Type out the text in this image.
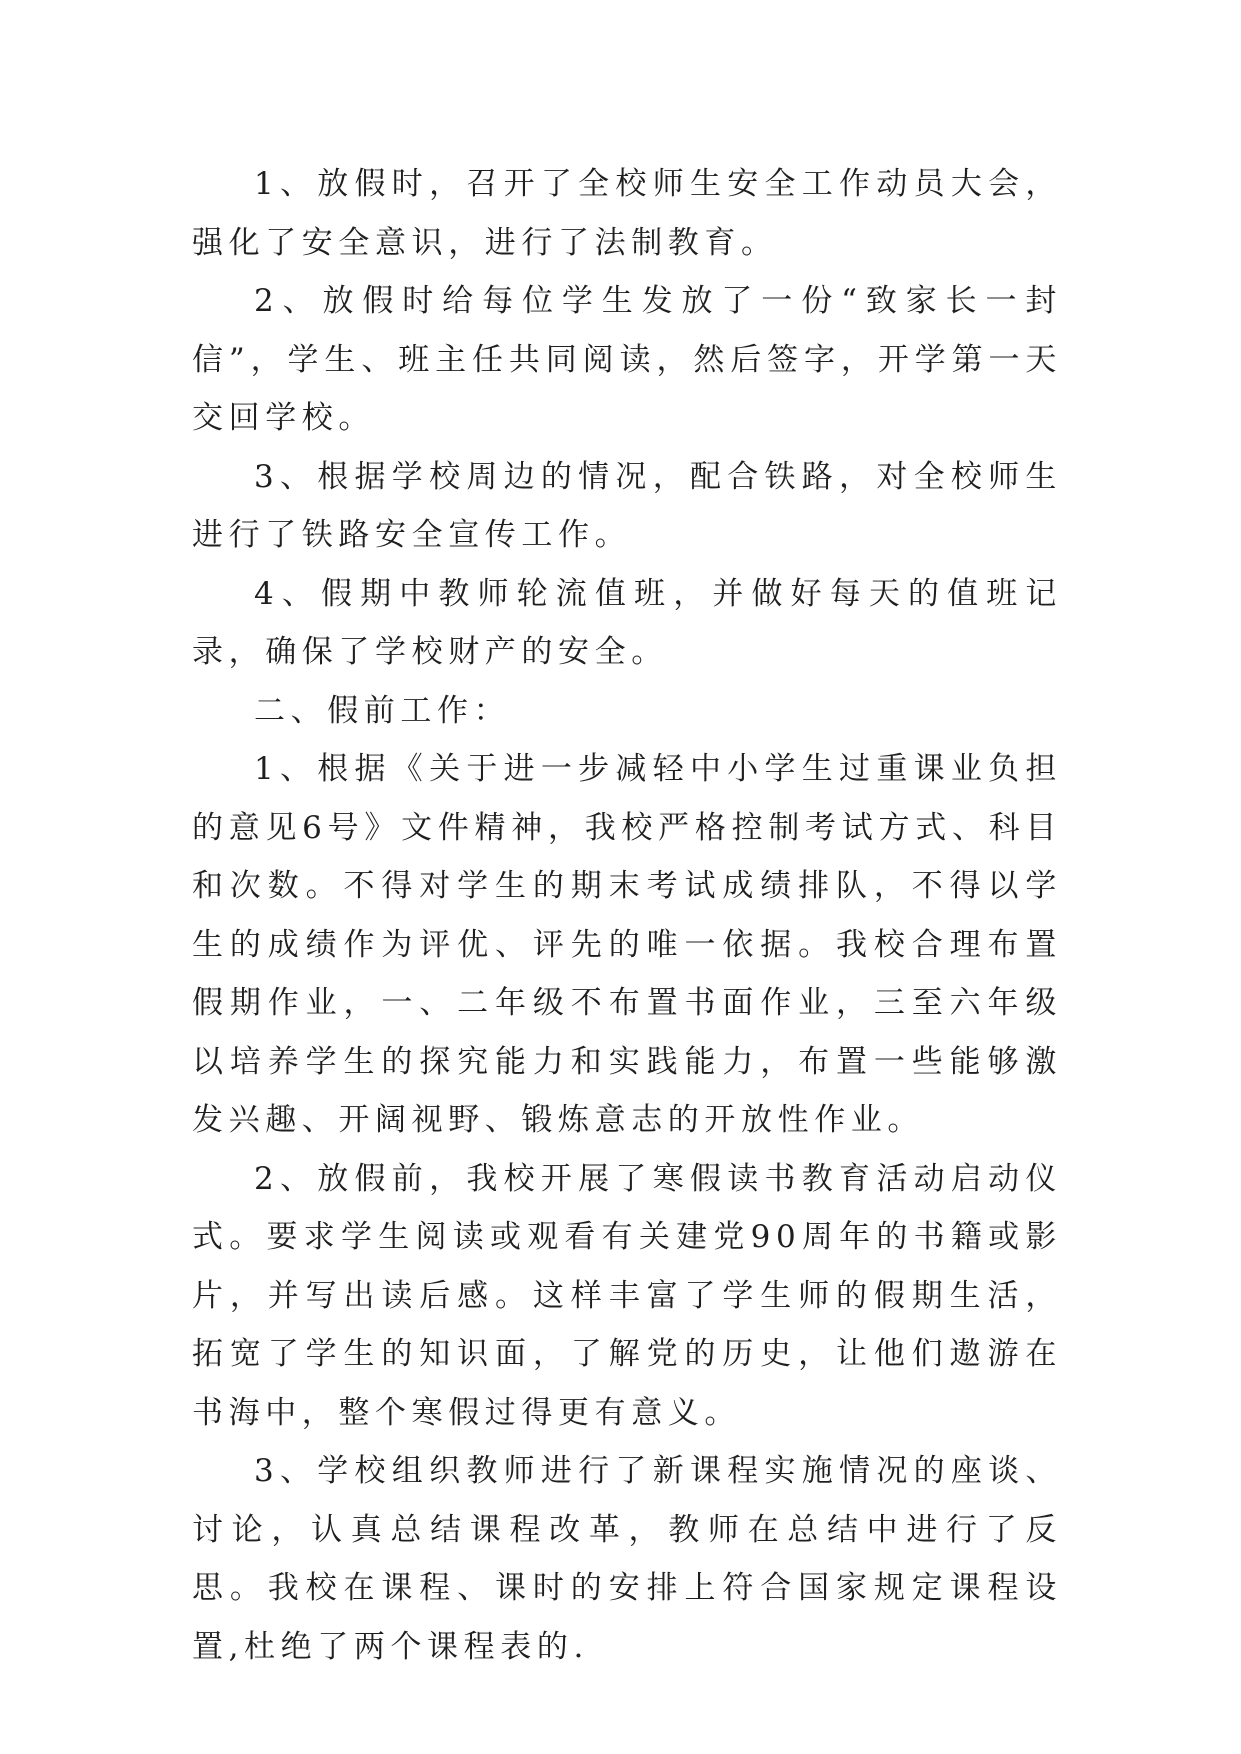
1、放假时，召开了全校师生安全工作动员大会，强化了安全意识，进行了法制教育。

2、放假时给每位学生发放了一份“致家长一封信”，学生、班主任共同阅读，然后签字，开学第一天交回学校。

3、根据学校周边的情况，配合铁路，对全校师生进行了铁路安全宣传工作。

4、假期中教师轮流值班，并做好每天的值班记录，确保了学校财产的安全。

二、假前工作：

1、根据《关于进一步减轻中小学生过重课业负担的意见6号》文件精神，我校严格控制考试方式、科目和次数。不得对学生的期末考试成绩排队，不得以学生的成绩作为评优、评先的唯一依据。我校合理布置假期作业，一、二年级不布置书面作业，三至六年级以培养学生的探究能力和实践能力，布置一些能够激发兴趣、开阔视野、锻炼意志的开放性作业。

2、放假前，我校开展了寒假读书教育活动启动仪式。要求学生阅读或观看有关建党90周年的书籍或影片，并写出读后感。这样丰富了学生师的假期生活，拓宽了学生的知识面，了解党的历史，让他们遨游在书海中，整个寒假过得更有意义。

3、学校组织教师进行了新课程实施情况的座谈、讨论，认真总结课程改革，教师在总结中进行了反思。我校在课程、课时的安排上符合国家规定课程设置,杜绝了两个课程表的.
